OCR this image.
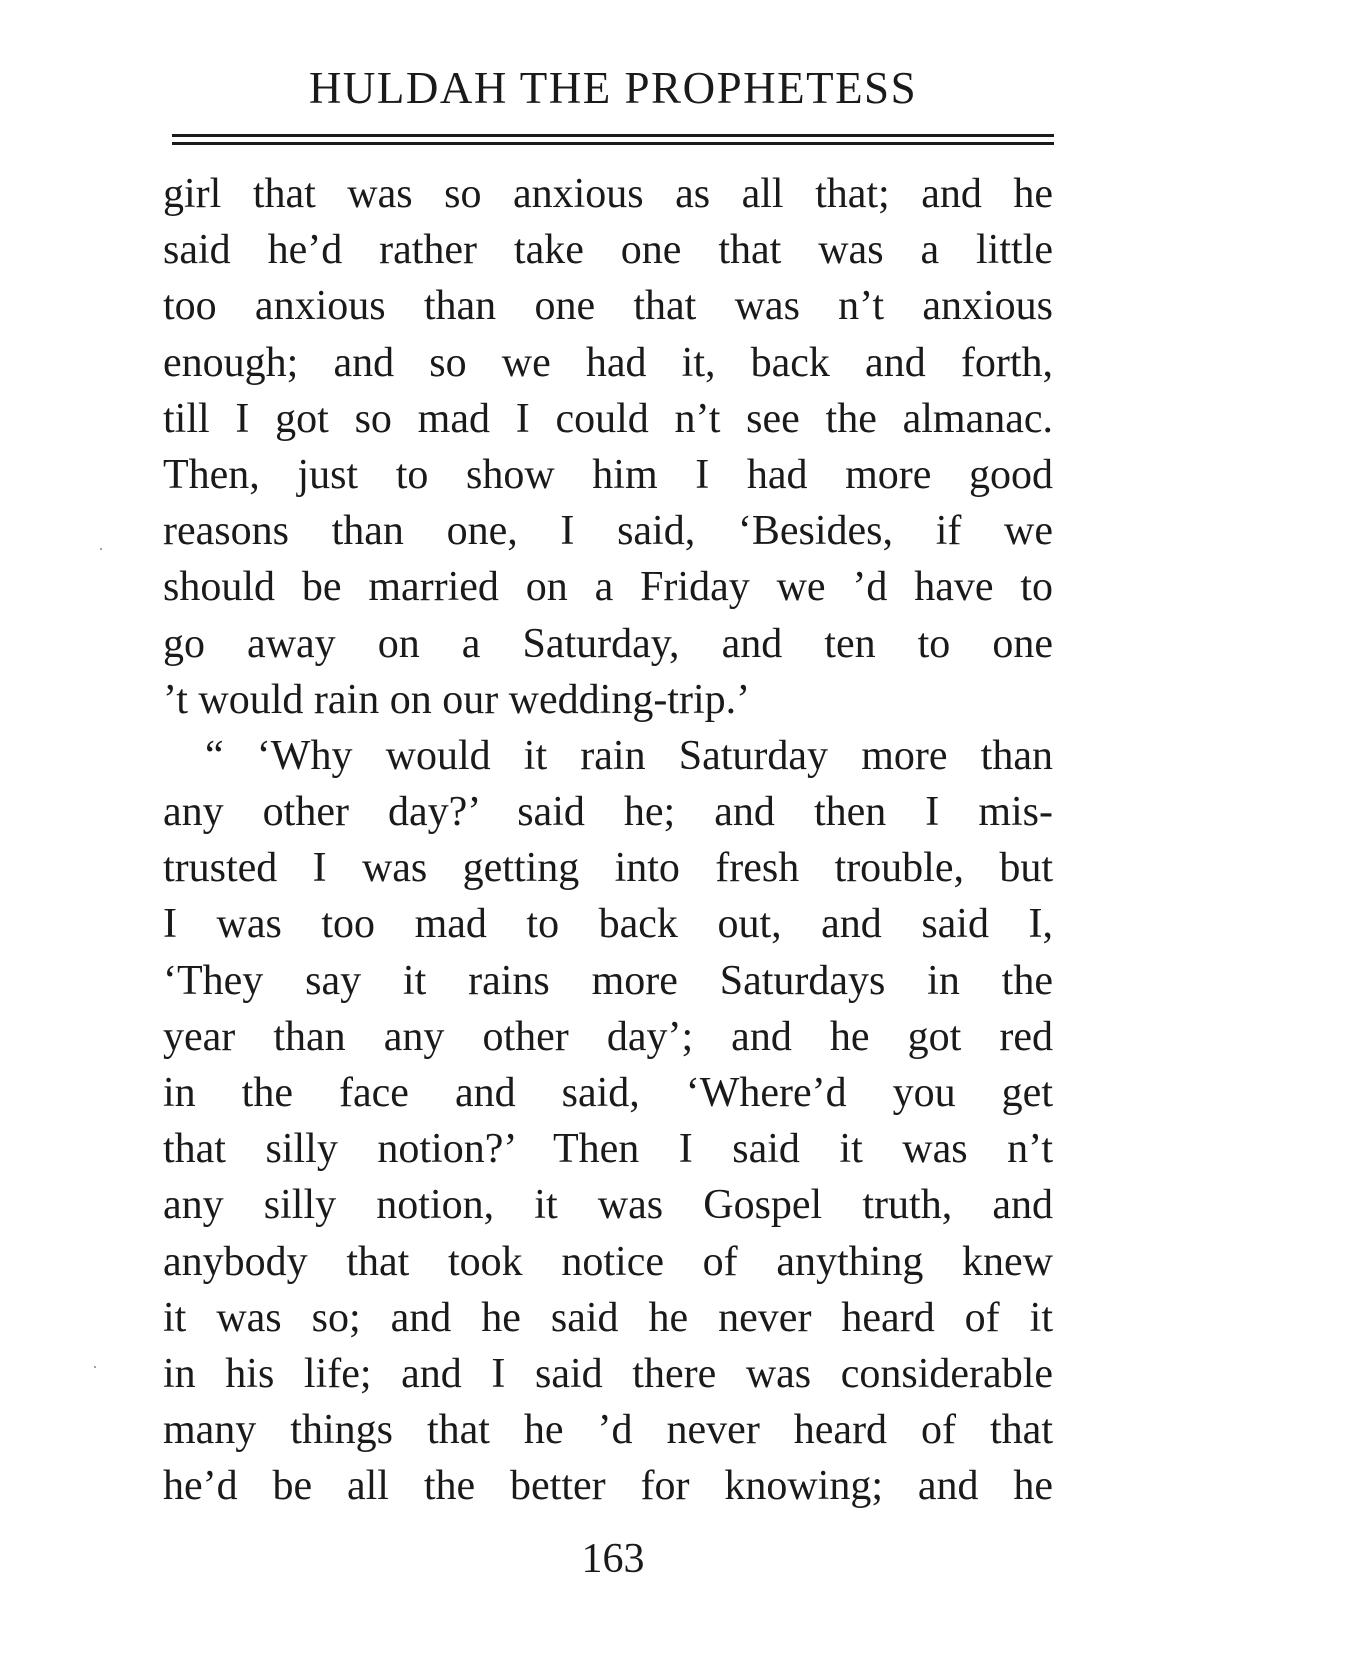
HULDAH THE PROPHETESS
girl that was so anxious as all that; and he
said he’d rather take one that was a little
too anxious than one that was n’t anxious
enough; and so we had it, back and forth,
till I got so mad I could n’t see the almanac.
Then, just to show him I had more good
reasons than one, I said, ‘Besides, if we
should be married on a Friday we ’d have to
go away on a Saturday, and ten to one
’t would rain on our wedding-trip.’
“ ‘Why would it rain Saturday more than
any other day?’ said he; and then I mis-
trusted I was getting into fresh trouble, but
I was too mad to back out, and said I,
‘They say it rains more Saturdays in the
year than any other day’; and he got red
in the face and said, ‘Where’d you get
that silly notion?’ Then I said it was n’t
any silly notion, it was Gospel truth, and
anybody that took notice of anything knew
it was so; and he said he never heard of it
in his life; and I said there was considerable
many things that he ’d never heard of that
he’d be all the better for knowing; and he
163
